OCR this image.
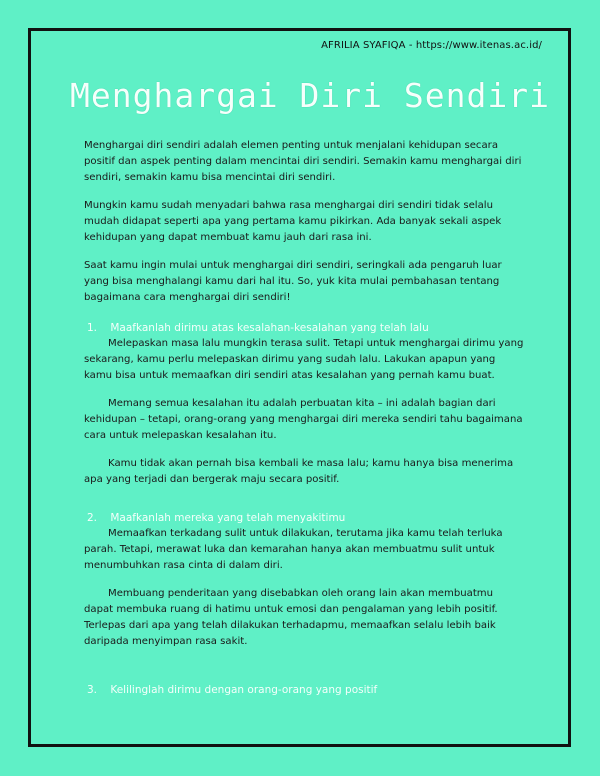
AFRILIA SYAFIQA - https://www.itenas.ac.id/
Menghargai Diri Sendiri

Menghargai diri sendiri adalah elemen penting untuk menjalani kehidupan secara positif dan aspek penting dalam mencintai diri sendiri. Semakin kamu menghargai diri sendiri, semakin kamu bisa mencintai diri sendiri.

Mungkin kamu sudah menyadari bahwa rasa menghargai diri sendiri tidak selalu mudah didapat seperti apa yang pertama kamu pikirkan. Ada banyak sekali aspek kehidupan yang dapat membuat kamu jauh dari rasa ini.

Saat kamu ingin mulai untuk menghargai diri sendiri, seringkali ada pengaruh luar yang bisa menghalangi kamu dari hal itu. So, yuk kita mulai pembahasan tentang bagaimana cara menghargai diri sendiri!

1. Maafkanlah dirimu atas kesalahan-kesalahan yang telah lalu

Melepaskan masa lalu mungkin terasa sulit. Tetapi untuk menghargai dirimu yang sekarang, kamu perlu melepaskan dirimu yang sudah lalu. Lakukan apapun yang kamu bisa untuk memaafkan diri sendiri atas kesalahan yang pernah kamu buat.

Memang semua kesalahan itu adalah perbuatan kita – ini adalah bagian dari kehidupan – tetapi, orang-orang yang menghargai diri mereka sendiri tahu bagaimana cara untuk melepaskan kesalahan itu.

Kamu tidak akan pernah bisa kembali ke masa lalu; kamu hanya bisa menerima apa yang terjadi dan bergerak maju secara positif.

2. Maafkanlah mereka yang telah menyakitimu

Memaafkan terkadang sulit untuk dilakukan, terutama jika kamu telah terluka parah. Tetapi, merawat luka dan kemarahan hanya akan membuatmu sulit untuk menumbuhkan rasa cinta di dalam diri.

Membuang penderitaan yang disebabkan oleh orang lain akan membuatmu dapat membuka ruang di hatimu untuk emosi dan pengalaman yang lebih positif. Terlepas dari apa yang telah dilakukan terhadapmu, memaafkan selalu lebih baik daripada menyimpan rasa sakit.

3. Kelilinglah dirimu dengan orang-orang yang positif
